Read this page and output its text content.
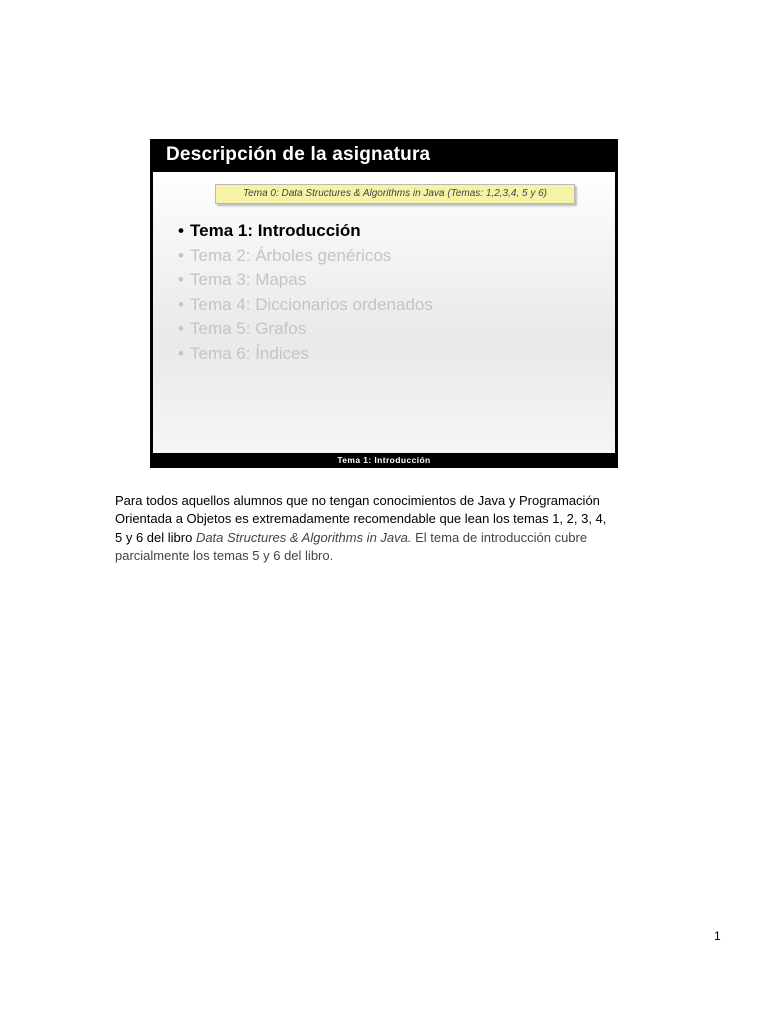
Descripción de la asignatura
Tema 0: Data Structures & Algorithms in Java (Temas: 1,2,3,4, 5 y 6)
• Tema 1: Introducción
• Tema 2: Árboles genéricos
• Tema 3: Mapas
• Tema 4: Diccionarios ordenados
• Tema 5: Grafos
• Tema 6: Índices
Tema 1: Introducción

Para todos aquellos alumnos que no tengan conocimientos de Java y Programación
Orientada a Objetos es extremadamente recomendable que lean los temas 1, 2, 3, 4,
5 y 6 del libro Data Structures & Algorithms in Java. El tema de introducción cubre
parcialmente los temas 5 y 6 del libro.

1
